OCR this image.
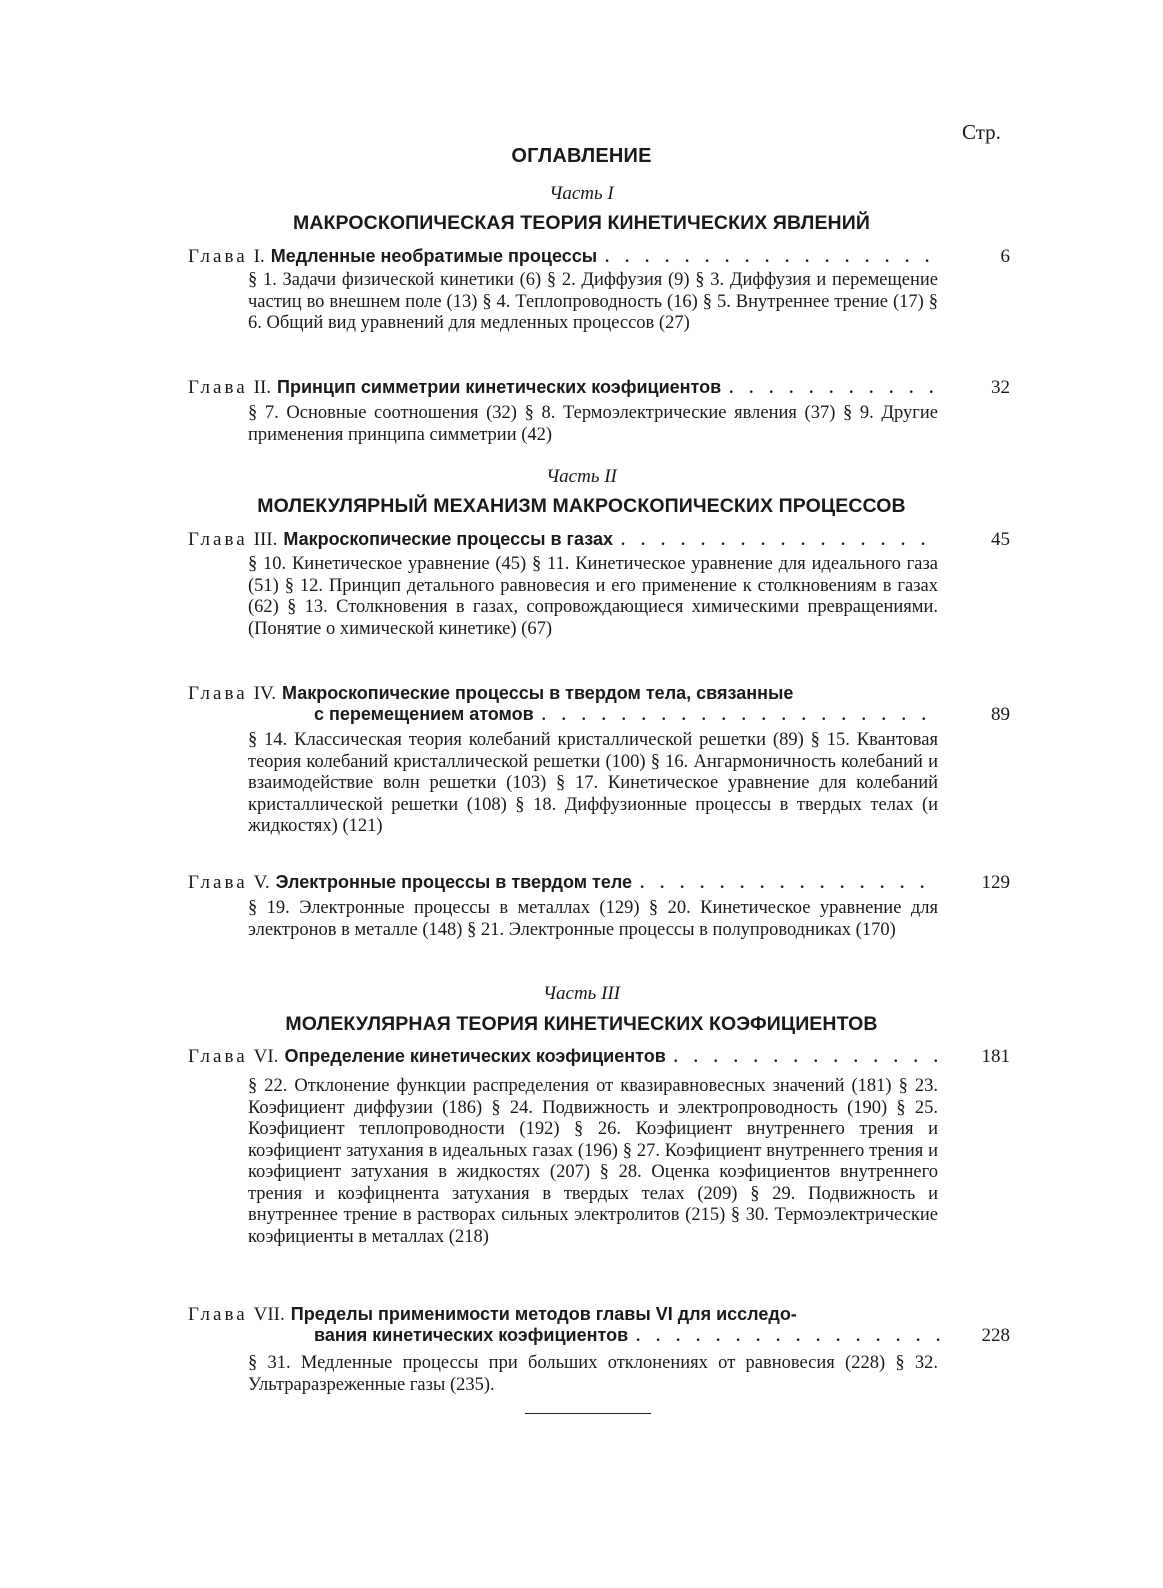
Стр.
ОГЛАВЛЕНИЕ
Часть I
МАКРОСКОПИЧЕСКАЯ ТЕОРИЯ КИНЕТИЧЕСКИХ ЯВЛЕНИЙ
Глава I. Медленные необратимые процессы . . .	6
§ 1. Задачи физической кинетики (6) § 2. Диффузия (9) § 3. Диффузия и перемещение частиц во внешнем поле (13) § 4. Теплопроводность (16) § 5. Внутреннее трение (17) § 6. Общий вид уравнений для медленных процессов (27)
Глава II. Принцип симметрии кинетических коэфициентов . . .	32
§ 7. Основные соотношения (32) § 8. Термоэлектрические явления (37) § 9. Другие применения принципа симметрии (42)
Часть II
МОЛЕКУЛЯРНЫЙ МЕХАНИЗМ МАКРОСКОПИЧЕСКИХ ПРОЦЕССОВ
Глава III. Макроскопические процессы в газах . . .	45
§ 10. Кинетическое уравнение (45) § 11. Кинетическое уравнение для идеального газа (51) § 12. Принцип детального равновесия и его применение к столкновениям в газах (62) § 13. Столкновения в газах, сопровождающиеся химическими превращениями. (Понятие о химической кинетике) (67)
Глава IV. Макроскопические процессы в твердом тела, связанные
с перемещением атомов . . .	89
§ 14. Классическая теория колебаний кристаллической решетки (89) § 15. Квантовая теория колебаний кристаллической решетки (100) § 16. Ангармоничность колебаний и взаимодействие волн решетки (103) § 17. Кинетическое уравнение для колебаний кристаллической решетки (108) § 18. Диффузионные процессы в твердых телах (и жидкостях) (121)
Глава V. Электронные процессы в твердом теле . . .	129
§ 19. Электронные процессы в металлах (129) § 20. Кинетическое уравнение для электронов в металле (148) § 21. Электронные процессы в полупроводниках (170)
Часть III
МОЛЕКУЛЯРНАЯ ТЕОРИЯ КИНЕТИЧЕСКИХ КОЭФИЦИЕНТОВ
Глава VI. Определение кинетических коэфициентов . . .	181
§ 22. Отклонение функции распределения от квазиравновесных значений (181) § 23. Коэфициент диффузии (186) § 24. Подвижность и электропроводность (190) § 25. Коэфициент теплопроводности (192) § 26. Коэфициент внутреннего трения и коэфициент затухания в идеальных газах (196) § 27. Коэфициент внутреннего трения и коэфициент затухания в жидкостях (207) § 28. Оценка коэфициентов внутреннего трения и коэфицнента затухания в твердых телах (209) § 29. Подвижность и внутреннее трение в растворах сильных электролитов (215) § 30. Термоэлектрические коэфициенты в металлах (218)
Глава VII. Пределы применимости методов главы VI для исследо-
вания кинетических коэфициентов . . .	228
§ 31. Медленные процессы при больших отклонениях от равновесия (228) § 32. Ультраразреженные газы (235).
